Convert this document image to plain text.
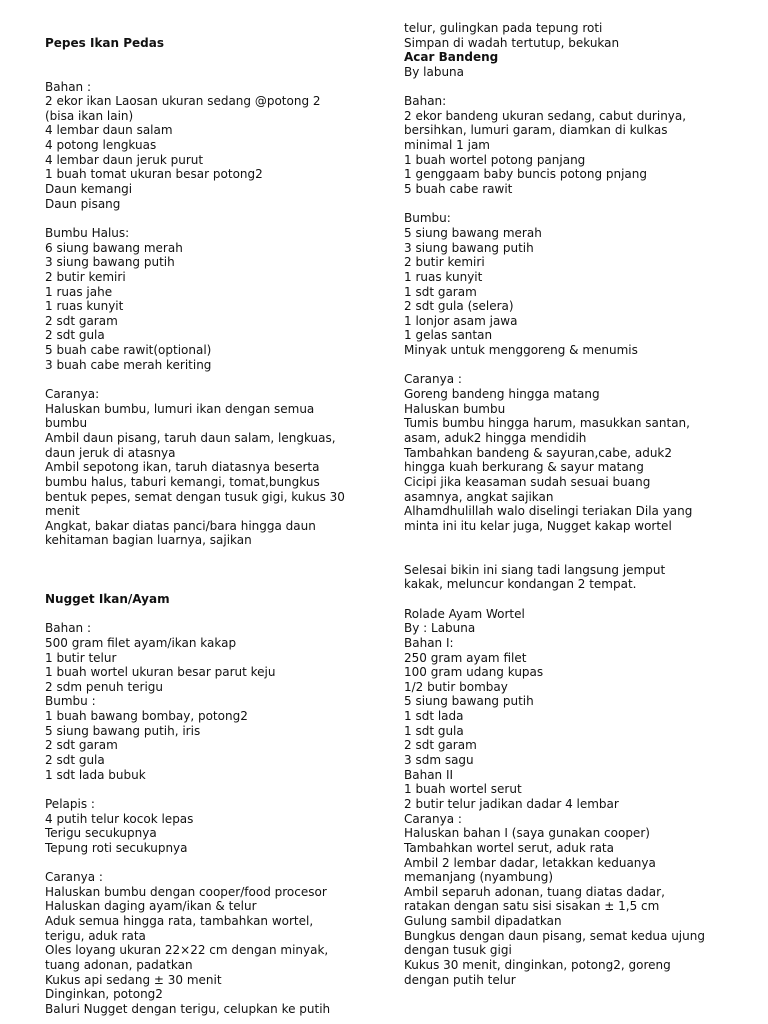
Pepes Ikan Pedas
Bahan :
2 ekor ikan Laosan ukuran sedang @potong 2
(bisa ikan lain)
4 lembar daun salam
4 potong lengkuas
4 lembar daun jeruk purut
1 buah tomat ukuran besar potong2
Daun kemangi
Daun pisang
Bumbu Halus:
6 siung bawang merah
3 siung bawang putih
2 butir kemiri
1 ruas jahe
1 ruas kunyit
2 sdt garam
2 sdt gula
5 buah cabe rawit(optional)
3 buah cabe merah keriting
Caranya:
Haluskan bumbu, lumuri ikan dengan semua
bumbu
Ambil daun pisang, taruh daun salam, lengkuas,
daun jeruk di atasnya
Ambil sepotong ikan, taruh diatasnya beserta
bumbu halus, taburi kemangi, tomat,bungkus
bentuk pepes, semat dengan tusuk gigi, kukus 30
menit
Angkat, bakar diatas panci/bara hingga daun
kehitaman bagian luarnya, sajikan
Nugget Ikan/Ayam
Bahan :
500 gram filet ayam/ikan kakap
1 butir telur
1 buah wortel ukuran besar parut keju
2 sdm penuh terigu
Bumbu :
1 buah bawang bombay, potong2
5 siung bawang putih, iris
2 sdt garam
2 sdt gula
1 sdt lada bubuk
Pelapis :
4 putih telur kocok lepas
Terigu secukupnya
Tepung roti secukupnya
Caranya :
Haluskan bumbu dengan cooper/food procesor
Haluskan daging ayam/ikan & telur
Aduk semua hingga rata, tambahkan wortel,
terigu, aduk rata
Oles loyang ukuran 22×22 cm dengan minyak,
tuang adonan, padatkan
Kukus api sedang ± 30 menit
Dinginkan, potong2
Baluri Nugget dengan terigu, celupkan ke putih
telur, gulingkan pada tepung roti
Simpan di wadah tertutup, bekukan
Acar Bandeng
By labuna
Bahan:
2 ekor bandeng ukuran sedang, cabut durinya,
bersihkan, lumuri garam, diamkan di kulkas
minimal 1 jam
1 buah wortel potong panjang
1 genggaam baby buncis potong pnjang
5 buah cabe rawit
Bumbu:
5 siung bawang merah
3 siung bawang putih
2 butir kemiri
1 ruas kunyit
1 sdt garam
2 sdt gula (selera)
1 lonjor asam jawa
1 gelas santan
Minyak untuk menggoreng & menumis
Caranya :
Goreng bandeng hingga matang
Haluskan bumbu
Tumis bumbu hingga harum, masukkan santan,
asam, aduk2 hingga mendidih
Tambahkan bandeng & sayuran,cabe, aduk2
hingga kuah berkurang & sayur matang
Cicipi jika keasaman sudah sesuai buang
asamnya, angkat sajikan
Alhamdhulillah walo diselingi teriakan Dila yang
minta ini itu kelar juga, Nugget kakap wortel
Selesai bikin ini siang tadi langsung jemput
kakak, meluncur kondangan 2 tempat.
Rolade Ayam Wortel
By : Labuna
Bahan I:
250 gram ayam filet
100 gram udang kupas
1/2 butir bombay
5 siung bawang putih
1 sdt lada
1 sdt gula
2 sdt garam
3 sdm sagu
Bahan II
1 buah wortel serut
2 butir telur jadikan dadar 4 lembar
Caranya :
Haluskan bahan I (saya gunakan cooper)
Tambahkan wortel serut, aduk rata
Ambil 2 lembar dadar, letakkan keduanya
memanjang (nyambung)
Ambil separuh adonan, tuang diatas dadar,
ratakan dengan satu sisi sisakan ± 1,5 cm
Gulung sambil dipadatkan
Bungkus dengan daun pisang, semat kedua ujung
dengan tusuk gigi
Kukus 30 menit, dinginkan, potong2, goreng
dengan putih telur
